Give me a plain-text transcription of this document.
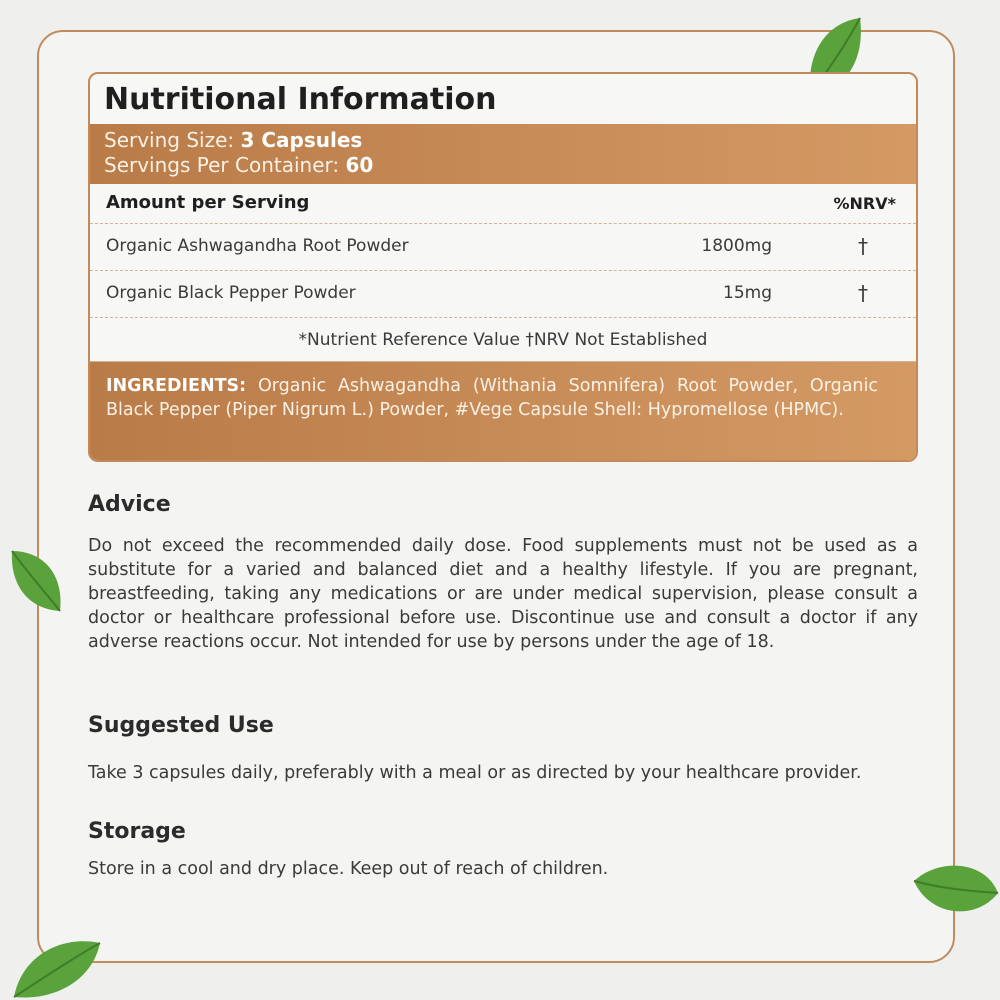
Nutritional Information
Serving Size: 3 Capsules
Servings Per Container: 60
Amount per Serving	%NRV*
Organic Ashwagandha Root Powder	1800mg	†
Organic Black Pepper Powder	15mg	†
*Nutrient Reference Value †NRV Not Established
INGREDIENTS: Organic Ashwagandha (Withania Somnifera) Root Powder, Organic Black Pepper (Piper Nigrum L.) Powder, #Vege Capsule Shell: Hypromellose (HPMC).
Advice
Do not exceed the recommended daily dose. Food supplements must not be used as a substitute for a varied and balanced diet and a healthy lifestyle. If you are pregnant, breastfeeding, taking any medications or are under medical supervision, please consult a doctor or healthcare professional before use. Discontinue use and consult a doctor if any adverse reactions occur. Not intended for use by persons under the age of 18.
Suggested Use
Take 3 capsules daily, preferably with a meal or as directed by your healthcare provider.
Storage
Store in a cool and dry place. Keep out of reach of children.
